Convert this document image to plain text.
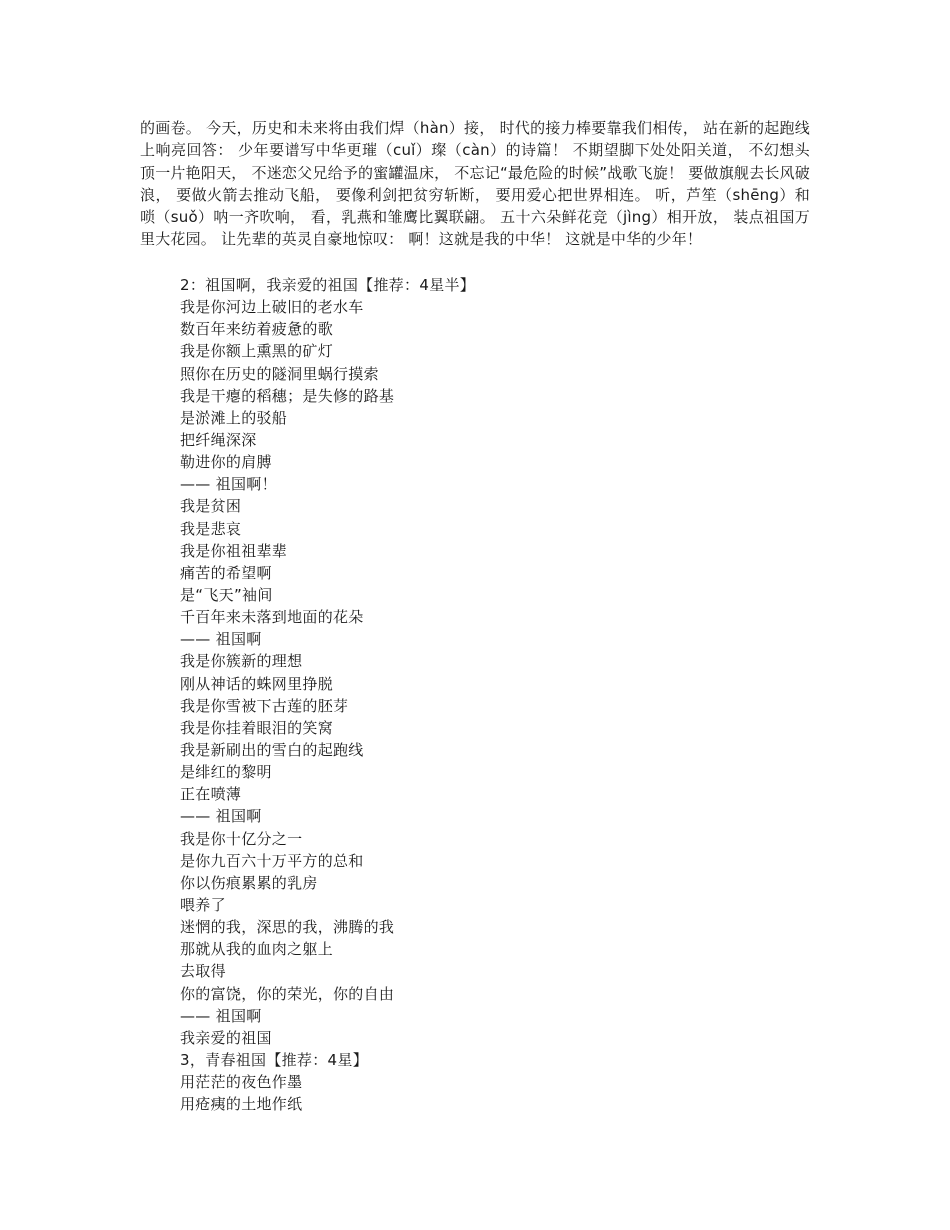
的画卷。 今天，历史和未来将由我们焊（hàn）接， 时代的接力棒要靠我们相传， 站在新的起跑线上响亮回答： 少年要谱写中华更璀（cuǐ）璨（càn）的诗篇！ 不期望脚下处处阳关道， 不幻想头顶一片艳阳天， 不迷恋父兄给予的蜜罐温床， 不忘记“最危险的时候”战歌飞旋！ 要做旗舰去长风破浪， 要做火箭去推动飞船， 要像利剑把贫穷斩断， 要用爱心把世界相连。 听，芦笙（shēng）和唢（suǒ）呐一齐吹响， 看，乳燕和雏鹰比翼联翩。 五十六朵鲜花竞（jìng）相开放， 装点祖国万里大花园。 让先辈的英灵自豪地惊叹： 啊！这就是我的中华！ 这就是中华的少年！
2：祖国啊，我亲爱的祖国【推荐：4星半】
我是你河边上破旧的老水车
数百年来纺着疲惫的歌
我是你额上熏黑的矿灯
照你在历史的隧洞里蜗行摸索
我是干瘪的稻穗；是失修的路基
是淤滩上的驳船
把纤绳深深
勒进你的肩膊
—— 祖国啊！
我是贫困
我是悲哀
我是你祖祖辈辈
痛苦的希望啊
是“飞天”袖间
千百年来未落到地面的花朵
—— 祖国啊
我是你簇新的理想
刚从神话的蛛网里挣脱
我是你雪被下古莲的胚芽
我是你挂着眼泪的笑窝
我是新刷出的雪白的起跑线
是绯红的黎明
正在喷薄
—— 祖国啊
我是你十亿分之一
是你九百六十万平方的总和
你以伤痕累累的乳房
喂养了
迷惘的我，深思的我，沸腾的我
那就从我的血肉之躯上
去取得
你的富饶，你的荣光，你的自由
—— 祖国啊
我亲爱的祖国
3，青春祖国【推荐：4星】
用茫茫的夜色作墨
用疮痍的土地作纸
